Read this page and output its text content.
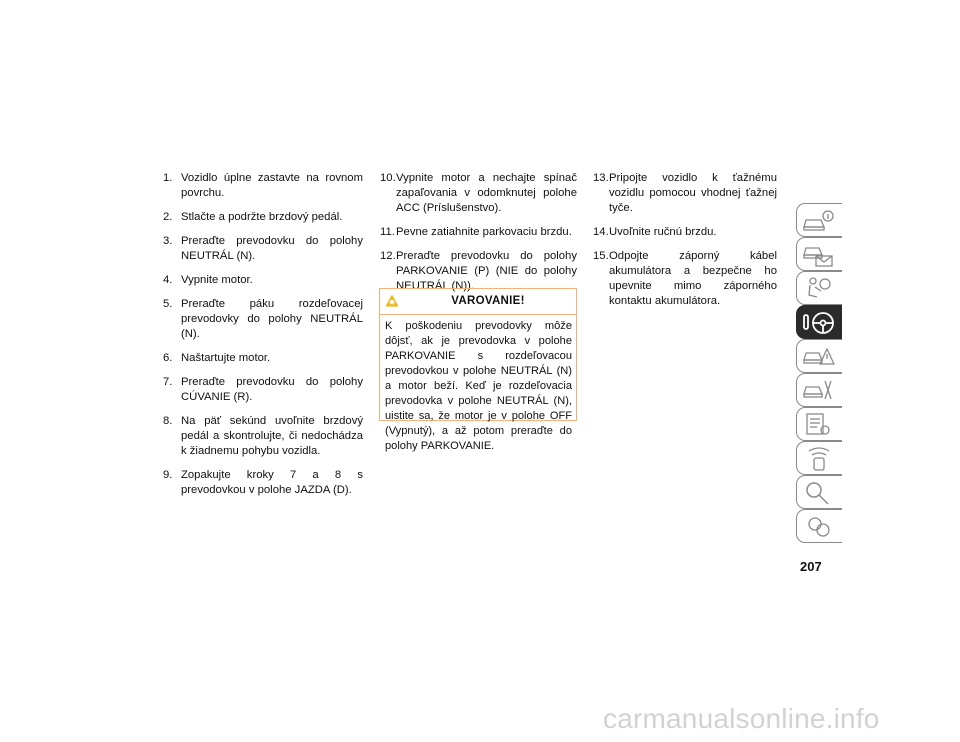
1. Vozidlo úplne zastavte na rovnom povrchu.
2. Stlačte a podržte brzdový pedál.
3. Preraďte prevodovku do polohy NEUTRÁL (N).
4. Vypnite motor.
5. Preraďte páku rozdeľovacej prevodovky do polohy NEUTRÁL (N).
6. Naštartujte motor.
7. Preraďte prevodovku do polohy CÚVANIE (R).
8. Na päť sekúnd uvoľnite brzdový pedál a skontrolujte, či nedochádza k žiadnemu pohybu vozidla.
9. Zopakujte kroky 7 a 8 s prevodovkou v polohe JAZDA (D).
10. Vypnite motor a nechajte spínač zapaľovania v odomknutej polohe ACC (Príslušenstvo).
11. Pevne zatiahnite parkovaciu brzdu.
12. Preraďte prevodovku do polohy PARKOVANIE (P) (NIE do polohy NEUTRÁL (N)).
VAROVANIE!
K poškodeniu prevodovky môže dôjsť, ak je prevodovka v polohe PARKOVANIE s rozdeľovacou prevodovkou v polohe NEUTRÁL (N) a motor beží. Keď je rozdeľovacia prevodovka v polohe NEUTRÁL (N), uistite sa, že motor je v polohe OFF (Vypnutý), a až potom preraďte do polohy PARKOVANIE.
13. Pripojte vozidlo k ťažnému vozidlu pomocou vhodnej ťažnej tyče.
14. Uvoľnite ručnú brzdu.
15. Odpojte záporný kábel akumulátora a bezpečne ho upevnite mimo záporného kontaktu akumulátora.
207
carmanualsonline.info
